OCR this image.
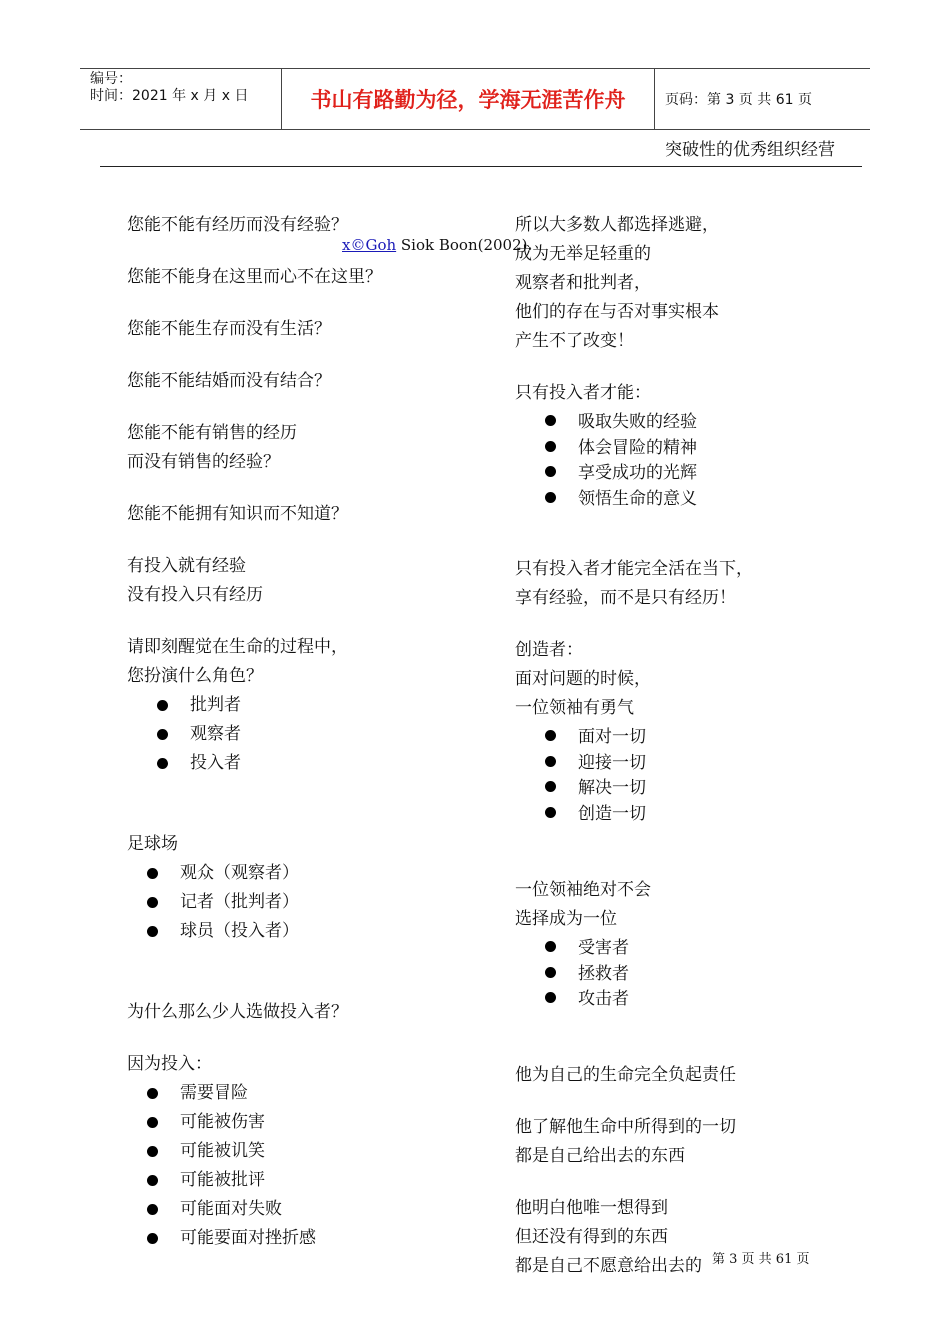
编号：
时间：2021 年 x 月 x 日	书山有路勤为径，学海无涯苦作舟	页码：第 3 页 共 61 页
突破性的优秀组织经营
x©Goh Siok Boon(2002).
您能不能有经历而没有经验？
您能不能身在这里而心不在这里？
您能不能生存而没有生活？
您能不能结婚而没有结合？
您能不能有销售的经历
而没有销售的经验？
您能不能拥有知识而不知道？
有投入就有经验
没有投入只有经历
请即刻醒觉在生命的过程中，
您扮演什么角色？
批判者
观察者
投入者
足球场
观众（观察者）
记者（批判者）
球员（投入者）
为什么那么少人选做投入者？
因为投入：
需要冒险
可能被伤害
可能被讥笑
可能被批评
可能面对失败
可能要面对挫折感
所以大多数人都选择逃避，
成为无举足轻重的
观察者和批判者，
他们的存在与否对事实根本
产生不了改变！
只有投入者才能：
吸取失败的经验
体会冒险的精神
享受成功的光辉
领悟生命的意义
只有投入者才能完全活在当下，
享有经验，而不是只有经历！
创造者：
面对问题的时候，
一位领袖有勇气
面对一切
迎接一切
解决一切
创造一切
一位领袖绝对不会
选择成为一位
受害者
拯救者
攻击者
他为自己的生命完全负起责任
他了解他生命中所得到的一切
都是自己给出去的东西
他明白他唯一想得到
但还没有得到的东西
都是自己不愿意给出去的 第 3 页 共 61 页
